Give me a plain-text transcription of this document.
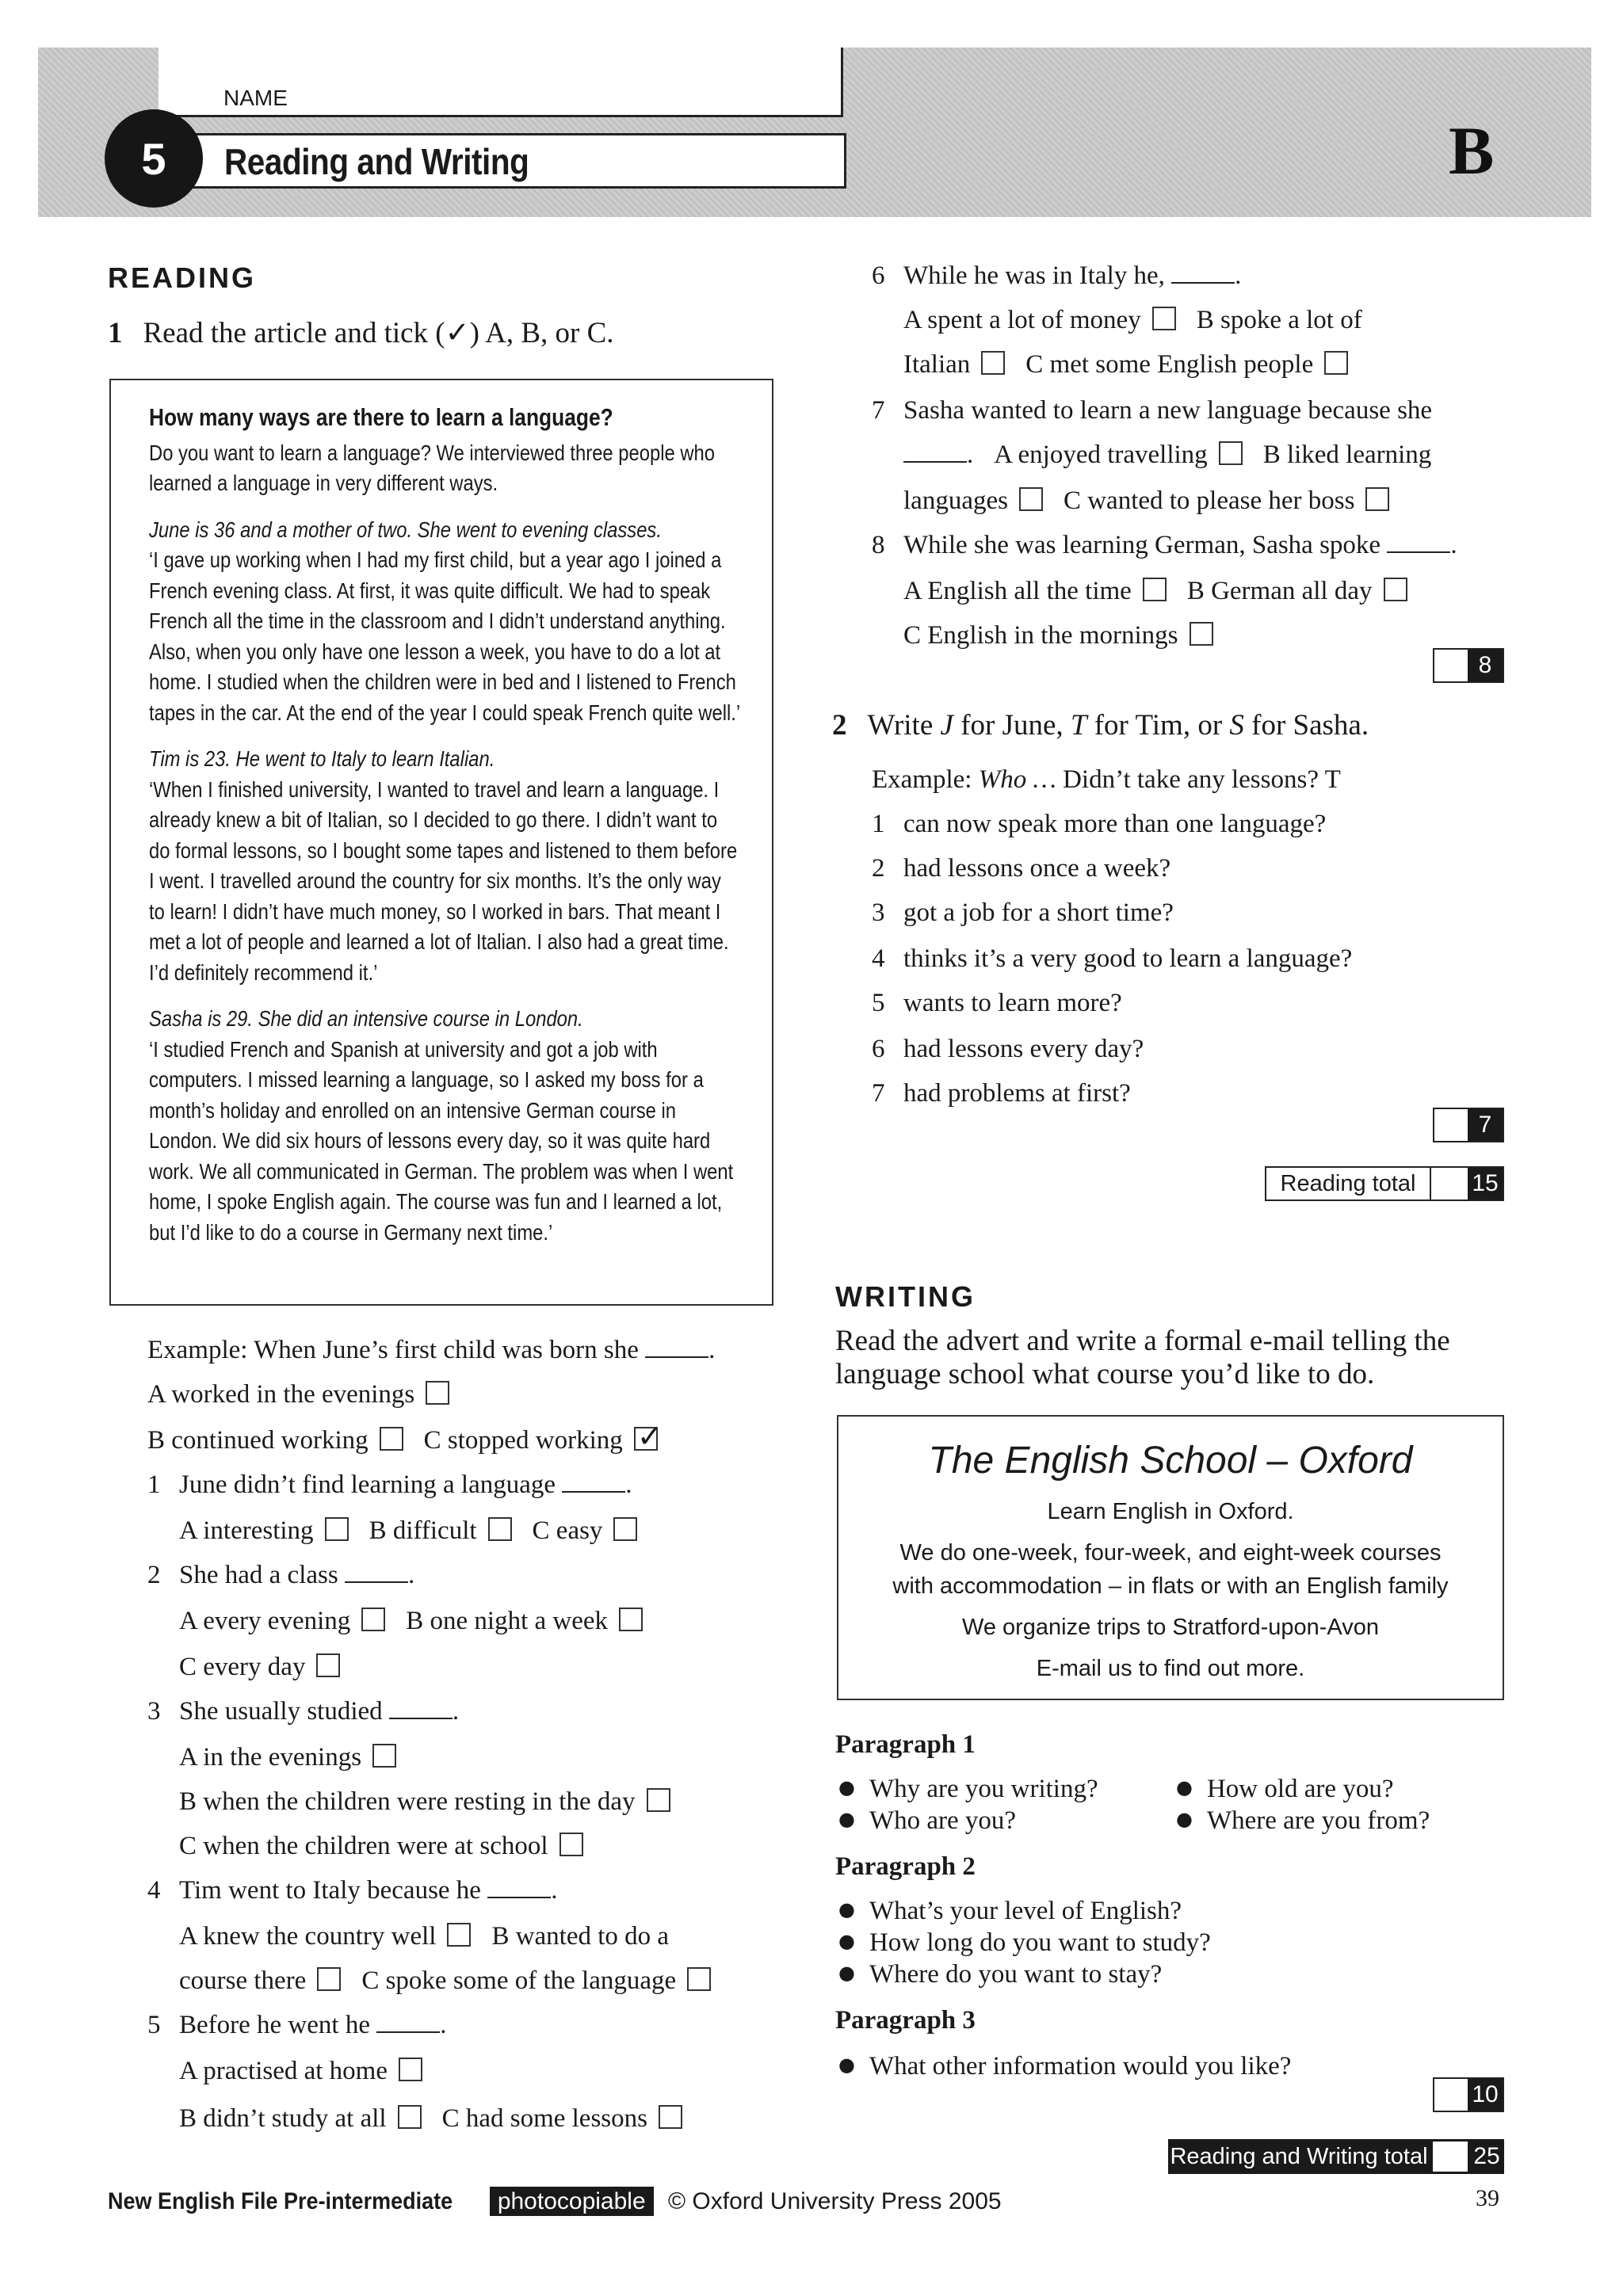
NAME
Reading and Writing
5	B
READING
1 Read the article and tick (✓) A, B, or C.

How many ways are there to learn a language?

Do you want to learn a language? We interviewed three people who learned a language in very different ways.

June is 36 and a mother of two. She went to evening classes.
‘I gave up working when I had my first child, but a year ago I joined a French evening class. At first, it was quite difficult. We had to speak French all the time in the classroom and I didn’t understand anything. Also, when you only have one lesson a week, you have to do a lot at home. I studied when the children were in bed and I listened to French tapes in the car. At the end of the year I could speak French quite well.’

Tim is 23. He went to Italy to learn Italian.
‘When I finished university, I wanted to travel and learn a language. I already knew a bit of Italian, so I decided to go there. I didn’t want to do formal lessons, so I bought some tapes and listened to them before I went. I travelled around the country for six months. It’s the only way to learn! I didn’t have much money, so I worked in bars. That meant I met a lot of people and learned a lot of Italian. I also had a great time. I’d definitely recommend it.’

Sasha is 29. She did an intensive course in London.
‘I studied French and Spanish at university and got a job with computers. I missed learning a language, so I asked my boss for a month’s holiday and enrolled on an intensive German course in London. We did six hours of lessons every day, so it was quite hard work. We all communicated in German. The problem was when I went home, I spoke English again. The course was fun and I learned a lot, but I’d like to do a course in Germany next time.’

Example: When June’s first child was born she	.
A worked in the evenings
B continued working C stopped working✓
1 June didn’t find learning a language	.
A interesting B difficult C easy
2 She had a class	.
A every evening B one night a week
C every day
3 She usually studied	.
A in the evenings
B when the children were resting in the day
C when the children were at school
4 Tim went to Italy because he	.
A knew the country well B wanted to do a
course there C spoke some of the language
5 Before he went he	.
A practised at home
B didn’t study at all C had some lessons
6 While he was in Italy he,	.
A spent a lot of money B spoke a lot of
Italian C met some English people
7 Sasha wanted to learn a new language because she
. A enjoyed travelling B liked learning
languages C wanted to please her boss
8 While she was learning German, Sasha spoke	.
A English all the time B German all day
C English in the mornings
8
2 Write J for June, T for Tim, or S for Sasha.
Example: Who … Didn’t take any lessons? T
1 can now speak more than one language?
2 had lessons once a week?
3 got a job for a short time?
4 thinks it’s a very good to learn a language?
5 wants to learn more?
6 had lessons every day?
7 had problems at first?
7
Reading total	15
WRITING
Read the advert and write a formal e-mail telling the
language school what course you’d like to do.
The English School – Oxford
Learn English in Oxford.
We do one-week, four-week, and eight-week courses
with accommodation – in flats or with an English family
We organize trips to Stratford-upon-Avon
E-mail us to find out more.
Paragraph 1
● Why are you writing?
● Who are you?
● How old are you?
● Where are you from?
Paragraph 2
● What’s your level of English?
● How long do you want to study?
● Where do you want to stay?
Paragraph 3
● What other information would you like?
10
Reading and Writing total 25
New English File Pre-intermediate photocopiable © Oxford University Press 2005	39
